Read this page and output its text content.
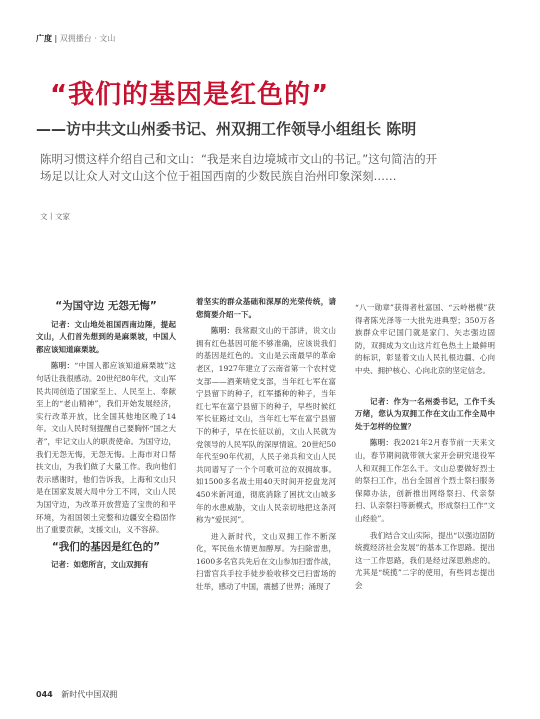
广度 | 双拥播台 · 文山
“我们的基因是红色的”
——访中共文山州委书记、州双拥工作领导小组组长 陈明

陈明习惯这样介绍自己和文山：“我是来自边境城市文山的书记。”这句简洁的开场足以让众人对文山这个位于祖国西南的少数民族自治州印象深刻……

文丨文家
“为国守边 无怨无悔”

记者：文山地处祖国西南边陲，提起文山，人们首先想到的是麻栗坡，中国人都应该知道麻栗坡。

陈明：“中国人都应该知道麻栗坡”这句话让我很感动。20世纪80年代，文山军民共同创造了国家至上、人民至上、奉献至上的“老山精神”，我们开始发展经济，实行改革开放，比全国其他地区晚了14年。文山人民时刻提醒自己要胸怀“国之大者”，牢记文山人的职责使命。为国守边，我们无怨无悔，无怨无悔。上海市对口帮扶文山，为我们做了大量工作。我向他们表示感谢时，他们告诉我，上海和文山只是在国家发展大局中分工不同，文山人民为国守边，为改革开放营造了宝贵的和平环境，为祖国领土完整和边疆安全稳固作出了重要贡献，支援文山，义不容辞。

“我们的基因是红色的”

记者：如您所言，文山双拥有

着坚实的群众基础和深厚的光荣传统，请您简要介绍一下。

陈明：我常跟文山的干部讲，说文山拥有红色基因可能不够准确，应该说我们的基因是红色的。文山是云南最早的革命老区，1927年建立了云南省第一个农村党支部——酒莱哨党支部，当年红七军在富宁县留下的种子，红军播种的种子，当年红七军在富宁县留下的种子，早些时候红军长征路过文山，当年红七军在富宁县留下的种子，早在长征以前，文山人民就为党领导的人民军队的深厚情谊。20世纪50年代至90年代初，人民子弟兵和文山人民共同谱写了一个个可歌可泣的双拥故事。如1500多名战士用40天时间开挖盘龙河450米新河道，彻底消除了困扰文山城多年的水患威胁，文山人民亲切地把这条河称为“爱民河”。

进入新时代，文山双拥工作不断深化，军民鱼水情更加醇厚。为扫除雷患，1600多名官兵先后在文山参加扫雷作战，扫雷官兵手拉手徒步验收移交已扫雷场的壮举，感动了中国，震撼了世界；涌现了

“八一勋章”获得者杜富国、“云岭楷模”获得者陈光泽等一大批先进典型；350万各族群众牢记国门就是家门、矢志强边固防，双拥成为文山这片红色热土上最鲜明的标识，彰显着文山人民扎根边疆、心向中央、拥护核心、心向北京的坚定信念。

记者：作为一名州委书记，工作千头万绪，您认为双拥工作在文山工作全局中处于怎样的位置？

陈明：我2021年2月春节前一天来文山，春节期间就带领大家开会研究退役军人和双拥工作怎么干。文山总要做好烈士的祭扫工作，出台全国首个烈士祭扫服务保障办法，创新推出网络祭扫、代亲祭扫、认亲祭扫等新模式，形成祭扫工作“文山经验”。

我们结合文山实际，提出“以强边固防统揽经济社会发展”的基本工作思路。提出这一工作思路，我们是经过深思熟虑的。尤其是“统揽”二字的使用，有些同志提出会

044 新时代中国双拥
